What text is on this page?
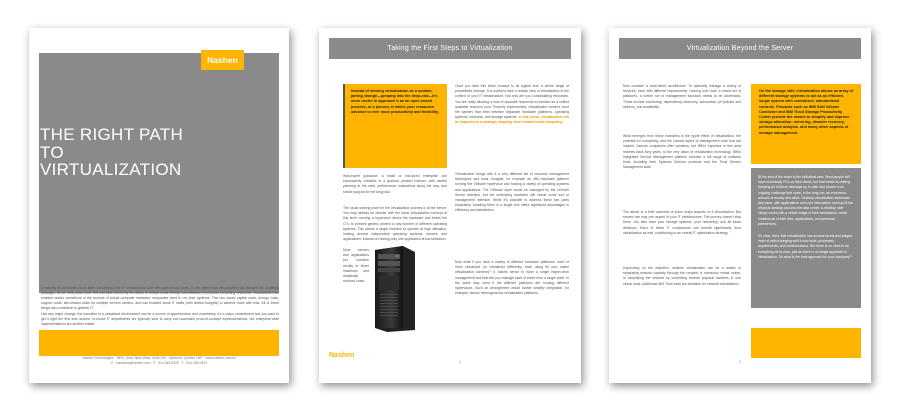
Nashen
THE RIGHT PATH
TO
VIRTUALIZATION

A majority of companies have been virtualizing their IT infrastructure over the past several years, to the extent that virtualization has become the dominant paradigm. At the most basic level, this has been driven by the desire to reduce costs through consolidation of physical computing resources. Virtualization has enabled drastic reductions in the amount of actual computer hardware companies need to run their systems. This has saved capital costs, energy costs, support costs, site-related costs for multiple servers centers, and has enabled small IT staffs (with limited budgets) to achieve more with less. All of these things also contribute to greener IT.

Like any major change, the transition to a virtualized environment can be a source of apprehension and uncertainty. It's a major commitment and you want to get it right the first time around. In-house IT departments are typically slow to carry out successful proof-of-concept implementations, but enterprise-wide implementations are another matter.

Nashen Technologies · 3803, Jean-Talon West, Suite 200 · Montreal, Quebec H4P · www.nashen.com/en
E : solutions@nashen.com · P : 514-343-0028 · F : 514-343-0433
Taking the First Steps to Virtualization
Instead of viewing virtualization as a sudden, jarring change—jumping into the deep-end—it's more useful to approach it as an open-ended process, or a journey in which your resources advance to ever more productivity and flexibility.

Well-expert guidance, a small or mid-sized enterprise can successfully virtualize in a gradual, phased manner, with careful planning at the start, performance evaluations along the way, and robust support for the long haul.

The usual starting point for the virtualization journey is at the server. You may already be familiar with the basic virtualization concept at this level: running a hypervisor above the hardware and below the O.S. to present generic drivers to any number of different operating systems. This allows a single machine to operate at high utilization, hosting several independent operating systems, servers, and applications, instead of running only one application at low utilization.

More servers and applications per machine results in fewer machines and drastically reduced costs.

Once you take this initial concept to its logical end, a whole range of possibilities emerge. It is useful to take a holistic view of virtualization in the context of your IT infrastructure. Not only are you consolidating resources. You are really allowing a host of separate resources to function as a unified available resource pool. Properly implemented, virtualization renders moot the barriers that exist between disparate hardware platforms, operating systems, networks, and storage systems. In this sense, virtualization can be regarded as a strategic stepping stone toward cloud computing.

Virtualization brings with it a very different set of resource management techniques and tools. Imagine, for example an x86 hardware platform running the VMware hypervisor and hosting a variety of operating systems and applications. The VMware layer would be managed by the vCenter Server interface, but the underlying hardware still needs some sort of management interface. While it's possible to address these two parts separately, bundling them in a single tool offers significant advantages in efficiency and satisfaction.

Now what if you have a variety of different hardware platforms, each of them virtualized (or virtualized differently, each using its own native virtualization scheme)? It makes sense to have a single higher-level management tool that lets you manage each of these from a single point. In the same way, even if the different platforms are running different hypervisors. Such an arrangement would further simplify integration, for example, across heterogeneous virtualization platforms.

Nashen
2
Virtualization Beyond the Server

Now consider a multi-tiered architecture. To optimally manage a variety of services, each with different requirements, running over such a mixed set of platforms, a further set of management functions needs to be addressed. These include monitoring, dependency discovery, automation (of policies and actions), and availability.

What emerges from these examples is the ripple effect of virtualization, the potential for complexity, and the various layers of management tools that are implied. Various companies offer solutions, but IBM's expertise in this area reaches back forty years, to the very dawn of virtualization technology. IBM's Integrated Service Management platform includes a full range of software tools, including their Systems Director products and the Tivoli Service Management suite.

The above is a brief overview of some major aspects of a virtualization. But servers are only one aspect of your IT infrastructure. The journey doesn't stop there. You also have your storage systems, your network(s) and all those desktops. Each of these IT components can benefit significantly from virtualization as well, contributing to an overall IT optimization strategy.

Depending on the objective, network virtualization can be a matter of separating network capacity through the creation of numerous virtual routes, or simplifying the network by combining several physical switches in one virtual node. Additional IBM Tivoli tools are available for network virtualization.

On the storage side, virtualization allows an array of different storage systems to act as an efficient, single system with centralized, standardized controls. Products such as IBM SAN Volume Controller and IBM Tivoli Storage Productivity Center provide the means to simplify and improve storage allocation, mirroring, disaster recovery, performance analysis, and many other aspects of storage management.

At the end of the chain is the individual user. Most people still have essentially PCs on their desks, but that model is shifting. Keeping all of these desktops up to date and secure is an ongoing challenge that costs, in the long run, an enormous amount of money and effort. Desktop virtualization addresses this issue, with applications and user information moving off the physical desktop and into the data center. A desktop user simply works with a virtual image of their workstation, which contains all of their files, applications, and personal preferences.

It's clear, then, that virtualization has several facets and stages, each of which bringing with it new tools, processes, requirements, and considerations. But there is no need to do everything all at once, just as there is no single approach to virtualization. So what is the best approach for your company?

3
